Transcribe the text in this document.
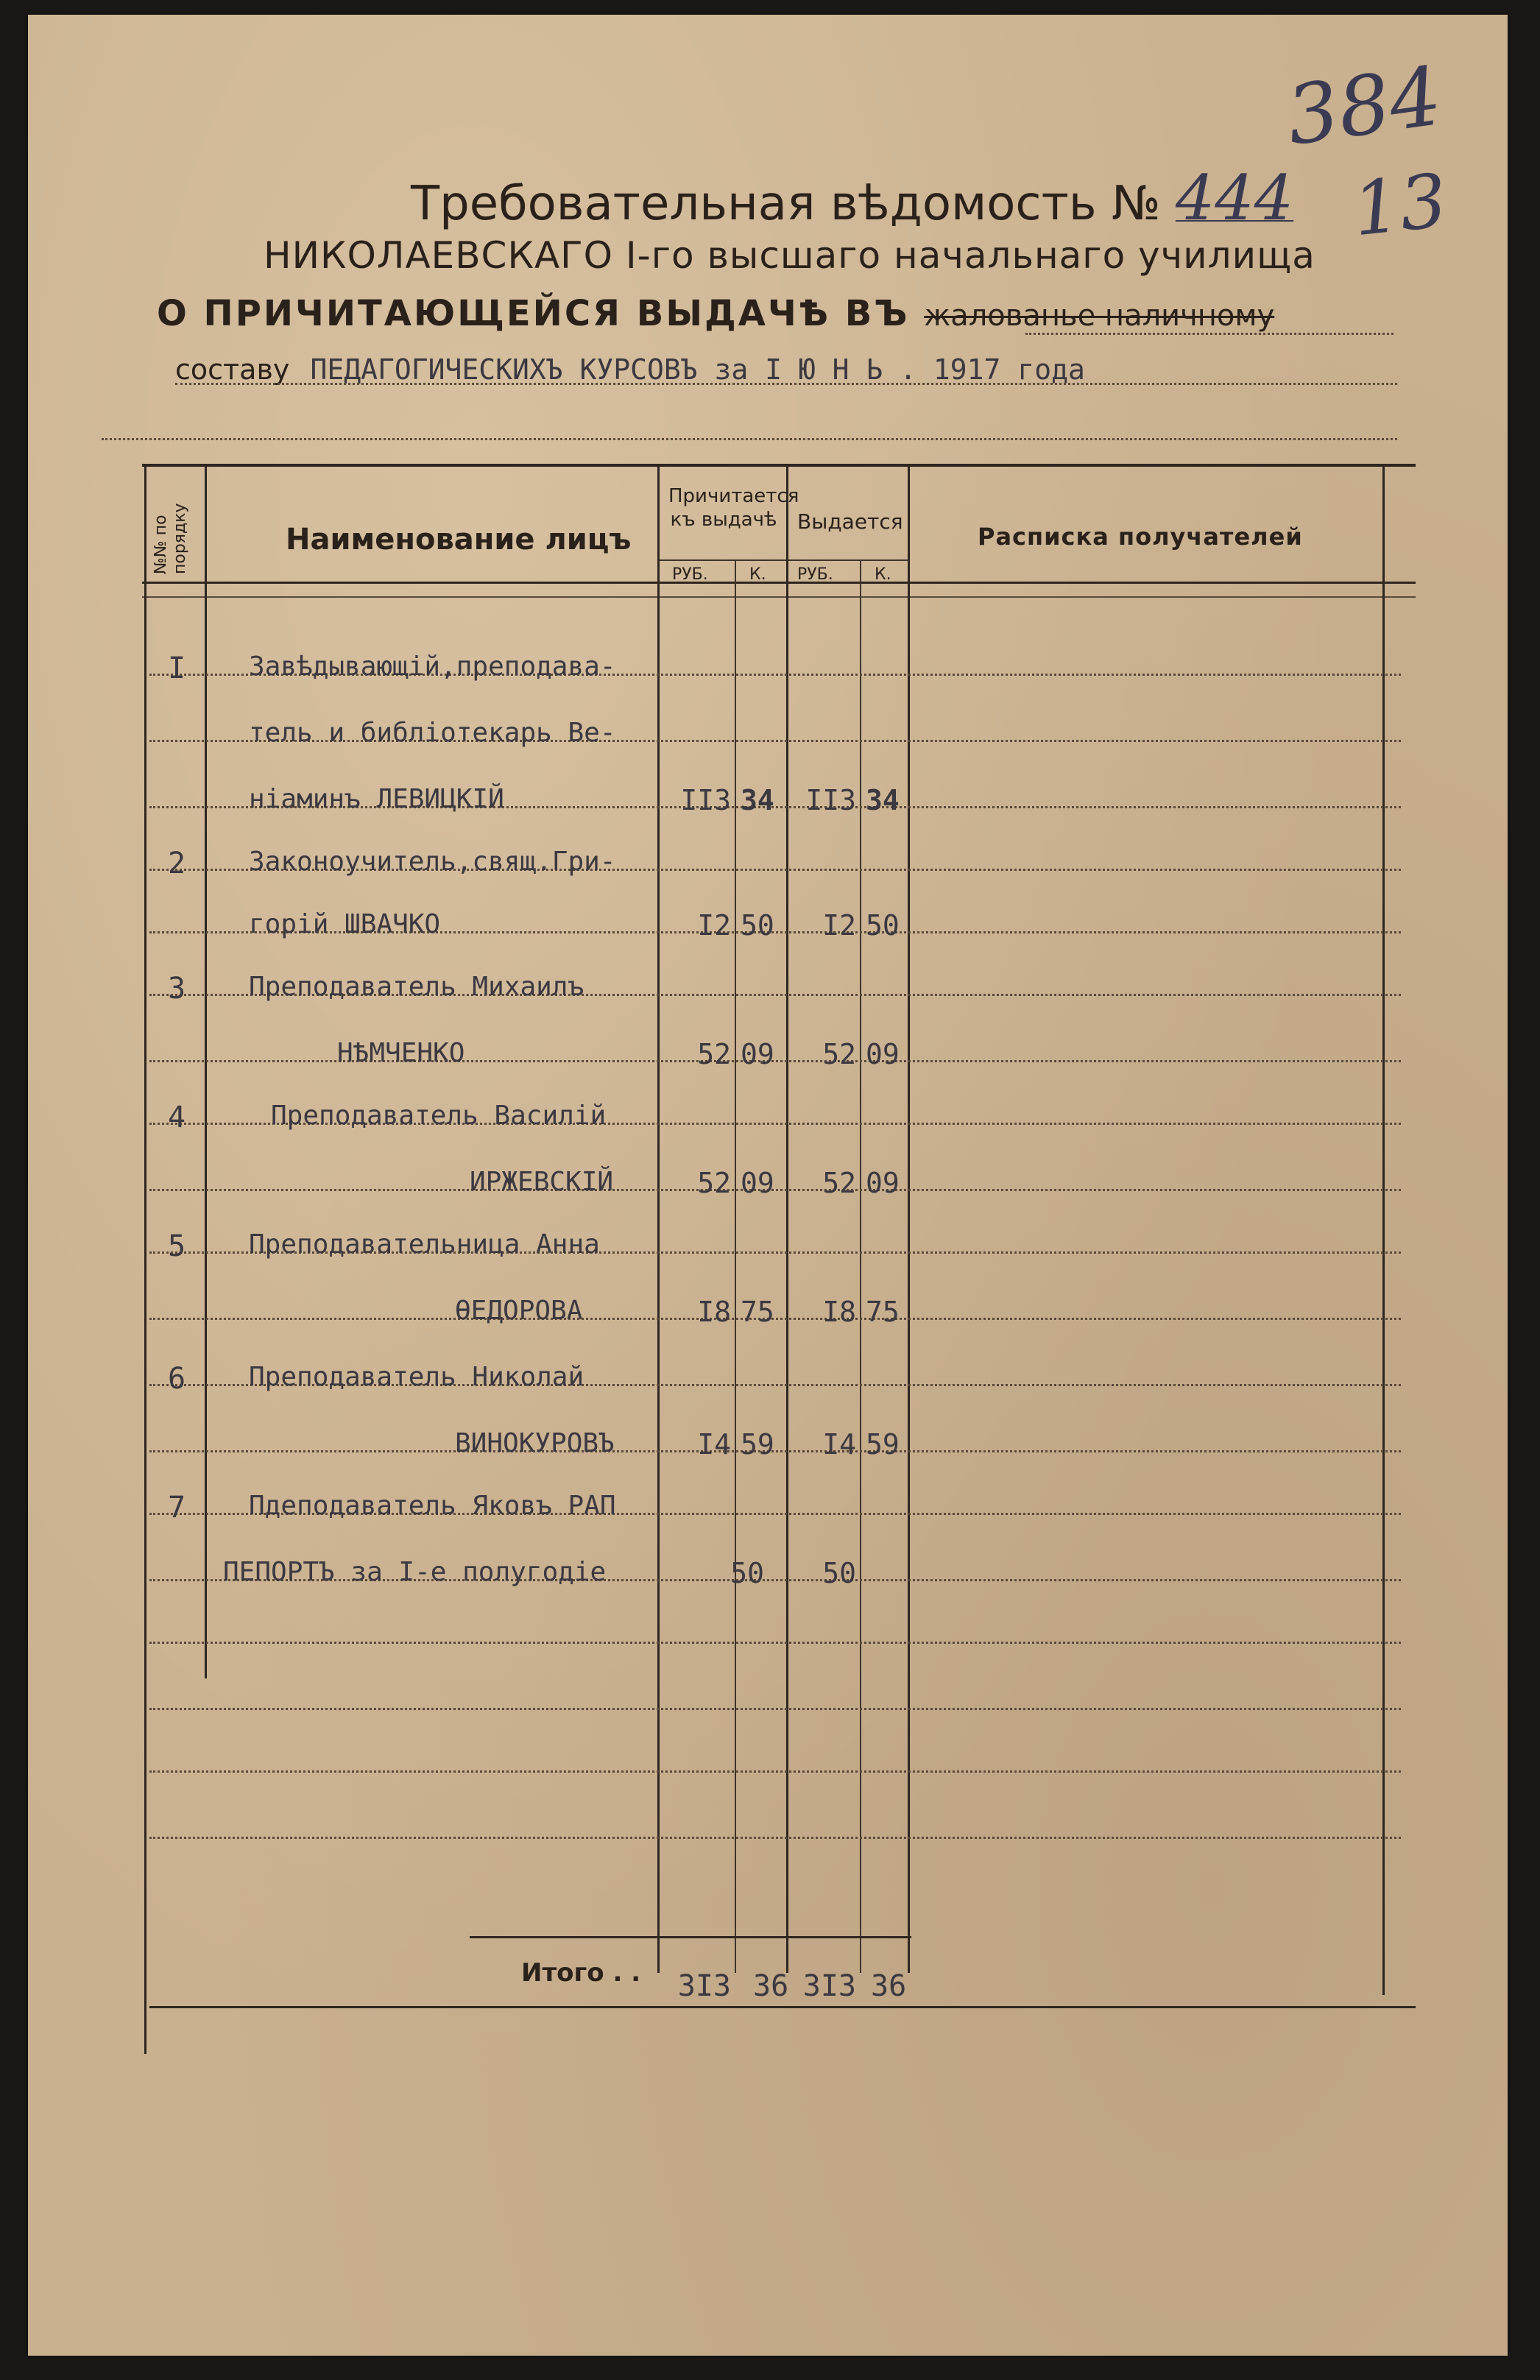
384
13
Требовательная вѣдомость № 444
НИКОЛАЕВСКАГО I-го высшаго начальнаго училища
О ПРИЧИТАЮЩЕЙСЯ ВЫДАЧѢ ВЪ жалованье наличному
составу ПЕДАГОГИЧЕСКИХЪ КУРСОВЪ за I Ю Н Ь . 1917 года
№№ по порядку	Наименование лицъ
Причитается къ выдачѣ Выдается
Расписка получателей
РУБ.	К. РУБ.	К.
I Завѣдывающій,преподава-
тель и библіотекарь Ве-
ніаминъ ЛЕВИЦКІЙ	II3 34	II3 34
2 Законоучитель,свящ.Гри-
горій ШВАЧКО	I2 50	I2 50
3 Преподаватель Михаилъ
НѢМЧЕНКО	52 09	52 09
4	Преподаватель Василій
ИРЖЕВСКІЙ	52 09	52 09
5 Преподавательница Анна
ѲЕДОРОВА	I8 75	I8 75
6 Преподаватель Николай
ВИНОКУРОВЪ	I4 59	I4 59
7 Пдеподаватель Яковъ РАП
ПЕПОРТЪ за I-е полугодіе	50	50
Итого . .	3I3 36 3I3 36
